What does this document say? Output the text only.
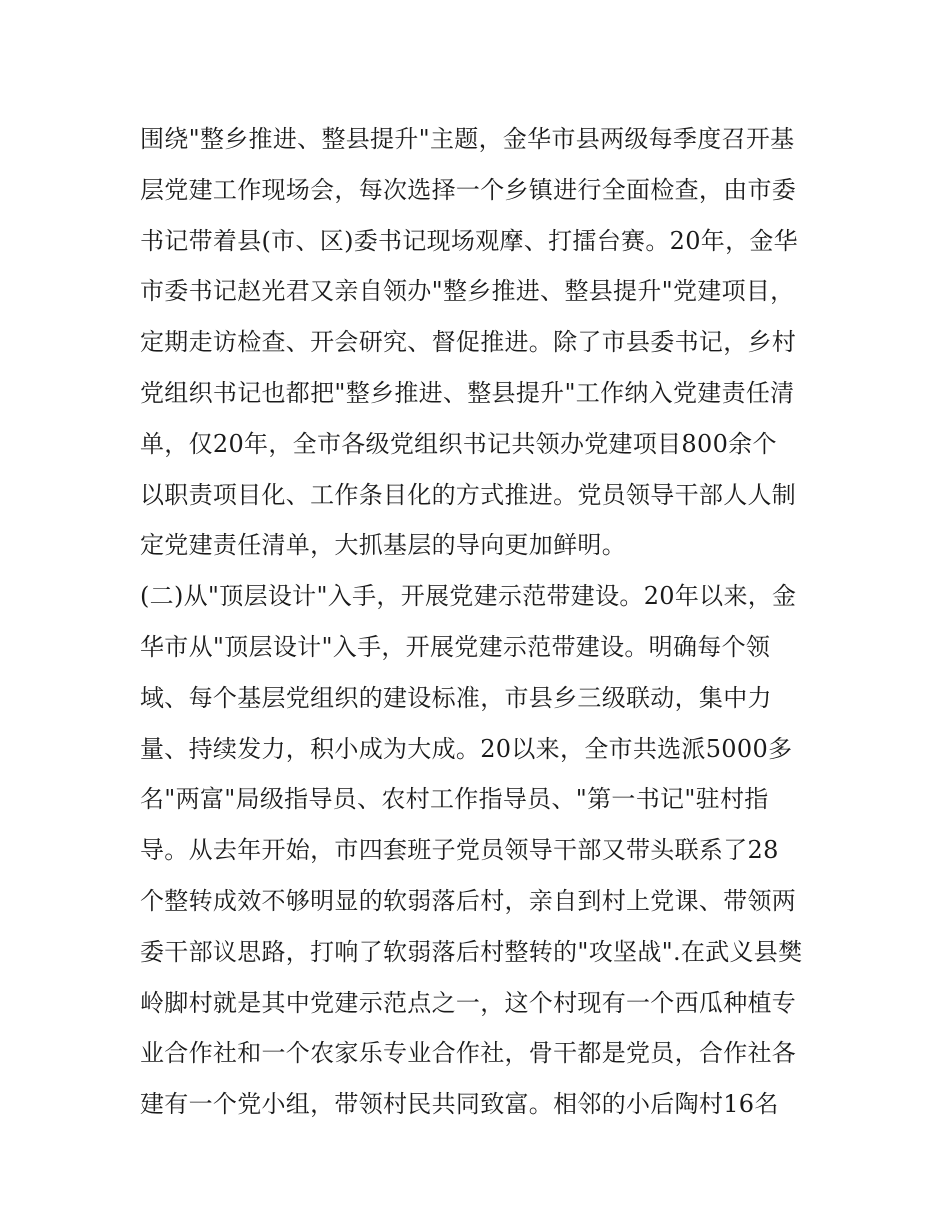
围绕"整乡推进、整县提升"主题，金华市县两级每季度召开基
层党建工作现场会，每次选择一个乡镇进行全面检查，由市委
书记带着县(市、区)委书记现场观摩、打擂台赛。20年，金华
市委书记赵光君又亲自领办"整乡推进、整县提升"党建项目，
定期走访检查、开会研究、督促推进。除了市县委书记，乡村
党组织书记也都把"整乡推进、整县提升"工作纳入党建责任清
单，仅20年，全市各级党组织书记共领办党建项目800余个
以职责项目化、工作条目化的方式推进。党员领导干部人人制
定党建责任清单，大抓基层的导向更加鲜明。
(二)从"顶层设计"入手，开展党建示范带建设。20年以来，金
华市从"顶层设计"入手，开展党建示范带建设。明确每个领
域、每个基层党组织的建设标准，市县乡三级联动，集中力
量、持续发力，积小成为大成。20以来，全市共选派5000多
名"两富"局级指导员、农村工作指导员、"第一书记"驻村指
导。从去年开始，市四套班子党员领导干部又带头联系了28
个整转成效不够明显的软弱落后村，亲自到村上党课、带领两
委干部议思路，打响了软弱落后村整转的"攻坚战".在武义县樊
岭脚村就是其中党建示范点之一，这个村现有一个西瓜种植专
业合作社和一个农家乐专业合作社，骨干都是党员，合作社各
建有一个党小组，带领村民共同致富。相邻的小后陶村16名
